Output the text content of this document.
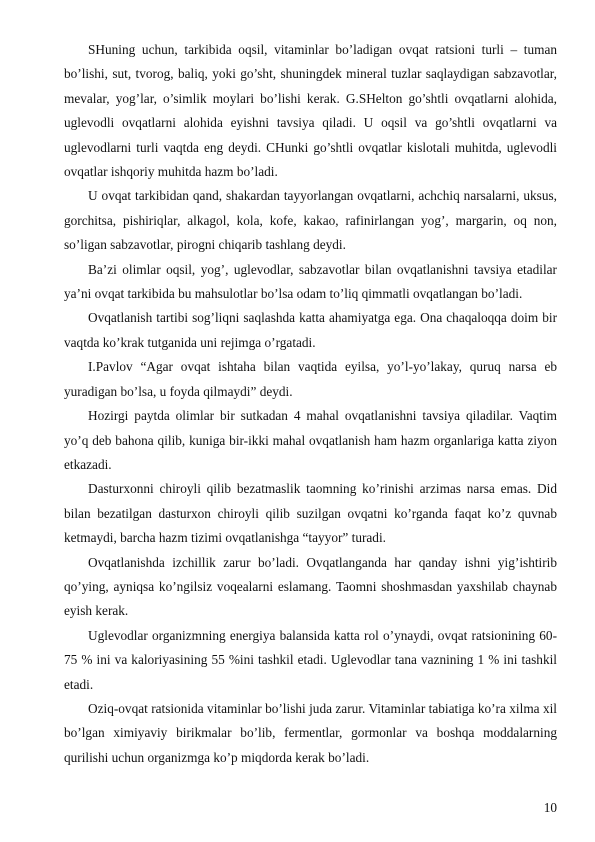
SHuning uchun, tarkibida oqsil, vitaminlar bo’ladigan ovqat ratsioni turli – tuman bo’lishi, sut, tvorog, baliq, yoki go’sht, shuningdek mineral tuzlar saqlaydigan sabzavotlar, mevalar, yog’lar, o’simlik moylari bo’lishi kerak. G.SHelton go’shtli ovqatlarni alohida, uglevodli ovqatlarni alohida eyishni tavsiya qiladi. U oqsil va go’shtli ovqatlarni va uglevodlarni turli vaqtda eng deydi. CHunki go’shtli ovqatlar kislotali muhitda, uglevodli ovqatlar ishqoriy muhitda hazm bo’ladi.

U ovqat tarkibidan qand, shakardan tayyorlangan ovqatlarni, achchiq narsalarni, uksus, gorchitsa, pishiriqlar, alkagol, kola, kofe, kakao, rafinirlangan yog’, margarin, oq non, so’ligan sabzavotlar, pirogni chiqarib tashlang deydi.

Ba’zi olimlar oqsil, yog’, uglevodlar, sabzavotlar bilan ovqatlanishni tavsiya etadilar ya’ni ovqat tarkibida bu mahsulotlar bo’lsa odam to’liq qimmatli ovqatlangan bo’ladi.

Ovqatlanish tartibi sog’liqni saqlashda katta ahamiyatga ega. Ona chaqaloqqa doim bir vaqtda ko’krak tutganida uni rejimga o’rgatadi.

I.Pavlov “Agar ovqat ishtaha bilan vaqtida eyilsa, yo’l-yo’lakay, quruq narsa eb yuradigan bo’lsa, u foyda qilmaydi” deydi.

Hozirgi paytda olimlar bir sutkadan 4 mahal ovqatlanishni tavsiya qiladilar. Vaqtim yo’q deb bahona qilib, kuniga bir-ikki mahal ovqatlanish ham hazm organlariga katta ziyon etkazadi.

Dasturxonni chiroyli qilib bezatmaslik taomning ko’rinishi arzimas narsa emas. Did bilan bezatilgan dasturxon chiroyli qilib suzilgan ovqatni ko’rganda faqat ko’z quvnab ketmaydi, barcha hazm tizimi ovqatlanishga “tayyor” turadi.

Ovqatlanishda izchillik zarur bo’ladi. Ovqatlanganda har qanday ishni yig’ishtirib qo’ying, ayniqsa ko’ngilsiz voqealarni eslamang. Taomni shoshmasdan yaxshilab chaynab eyish kerak.

Uglevodlar organizmning energiya balansida katta rol o’ynaydi, ovqat ratsionining 60-75 % ini va kaloriyasining 55 %ini tashkil etadi. Uglevodlar tana vaznining 1 % ini tashkil etadi.

Oziq-ovqat ratsionida vitaminlar bo’lishi juda zarur. Vitaminlar tabiatiga ko’ra xilma xil bo’lgan ximiyaviy birikmalar bo’lib, fermentlar, gormonlar va boshqa moddalarning qurilishi uchun organizmga ko’p miqdorda kerak bo’ladi.

10
